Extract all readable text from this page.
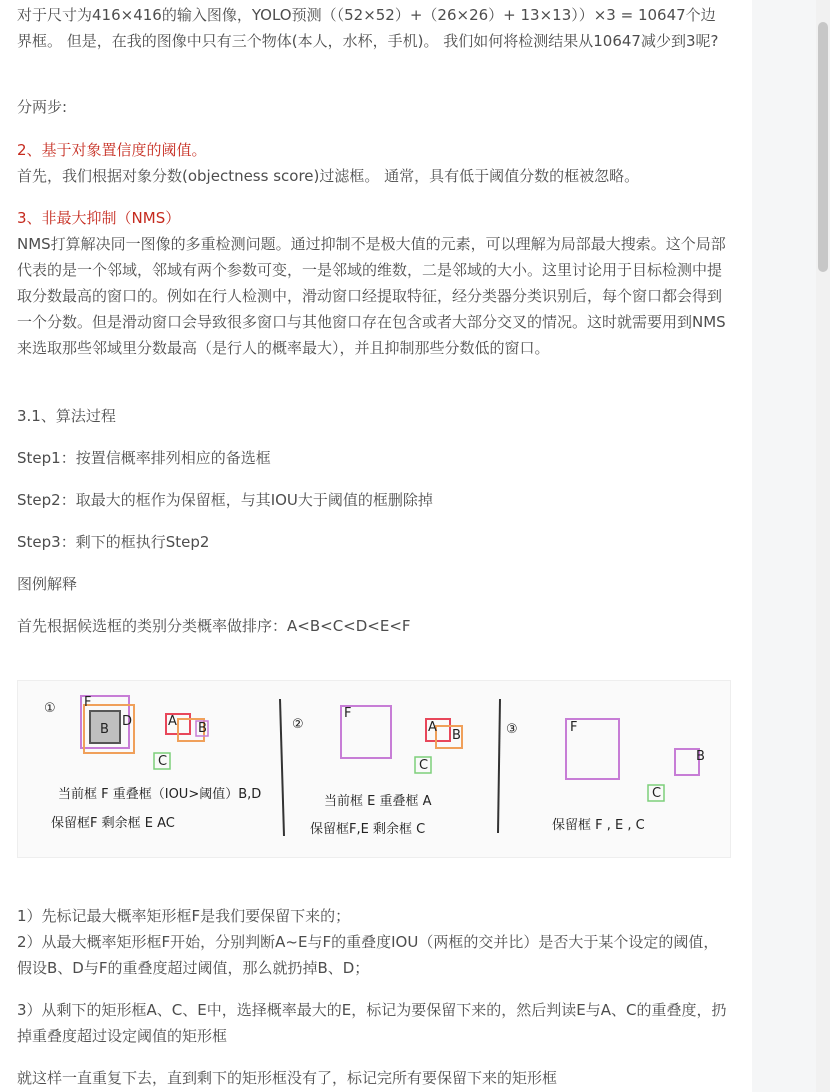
对于尺寸为416×416的输入图像，YOLO预测（（52×52）+（26×26）+ 13×13））×3 = 10647个边界框。 但是，在我的图像中只有三个物体(本人，水杯，手机)。 我们如何将检测结果从10647减少到3呢?

分两步:

2、基于对象置信度的阈值。

首先，我们根据对象分数(objectness score)过滤框。 通常，具有低于阈值分数的框被忽略。

3、非最大抑制（NMS）

NMS打算解决同一图像的多重检测问题。通过抑制不是极大值的元素，可以理解为局部最大搜索。这个局部代表的是一个邻域，邻域有两个参数可变，一是邻域的维数，二是邻域的大小。这里讨论用于目标检测中提取分数最高的窗口的。例如在行人检测中，滑动窗口经提取特征，经分类器分类识别后，每个窗口都会得到一个分数。但是滑动窗口会导致很多窗口与其他窗口存在包含或者大部分交叉的情况。这时就需要用到NMS来选取那些邻域里分数最高（是行人的概率最大），并且抑制那些分数低的窗口。

3.1、算法过程

Step1：按置信概率排列相应的备选框

Step2：取最大的框作为保留框，与其IOU大于阈值的框删除掉

Step3：剩下的框执行Step2

图例解释

首先根据候选框的类别分类概率做排序：A<B<C<D<E<F

1）先标记最大概率矩形框F是我们要保留下来的；

2）从最大概率矩形框F开始，分别判断A~E与F的重叠度IOU（两框的交并比）是否大于某个设定的阈值，假设B、D与F的重叠度超过阈值，那么就扔掉B、D；

3）从剩下的矩形框A、C、E中，选择概率最大的E，标记为要保留下来的，然后判读E与A、C的重叠度，扔掉重叠度超过设定阈值的矩形框

就这样一直重复下去，直到剩下的矩形框没有了，标记完所有要保留下来的矩形框

① F
B
D	A B
C
当前框 F 重叠框（IOU>阈值）B,D
保留框F 剩余框 E AC
②
F
A
B
C
当前框 E 重叠框 A
保留框F,E 剩余框 C
③	F
B
C
保留框 F , E , C
